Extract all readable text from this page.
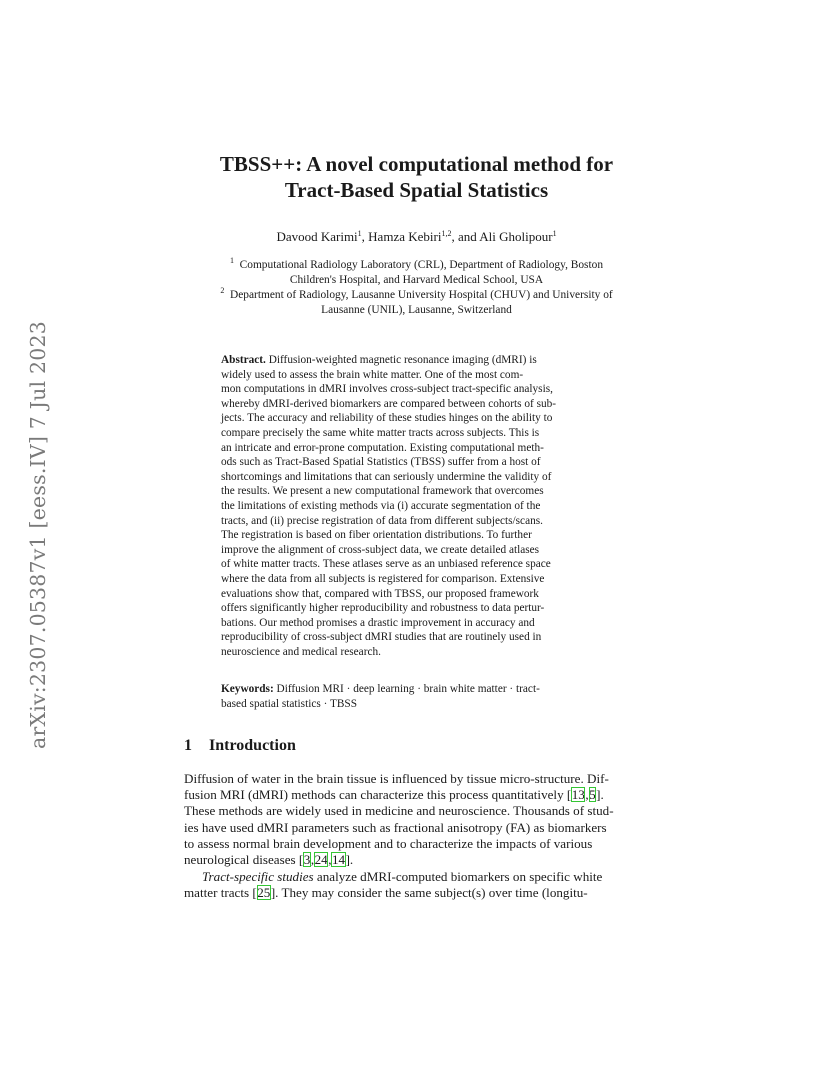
arXiv:2307.05387v1 [eess.IV] 7 Jul 2023
TBSS++: A novel computational method for
Tract-Based Spatial Statistics
Davood Karimi$^1$, Hamza Kebiri$^{1,2}$, and Ali Gholipour$^1$
$^1$ Computational Radiology Laboratory (CRL), Department of Radiology, Boston
Children's Hospital, and Harvard Medical School, USA
$^2$ Department of Radiology, Lausanne University Hospital (CHUV) and University of
Lausanne (UNIL), Lausanne, Switzerland
Abstract. Diffusion-weighted magnetic resonance imaging (dMRI) is
widely used to assess the brain white matter. One of the most com-
mon computations in dMRI involves cross-subject tract-specific analysis,
whereby dMRI-derived biomarkers are compared between cohorts of sub-
jects. The accuracy and reliability of these studies hinges on the ability to
compare precisely the same white matter tracts across subjects. This is
an intricate and error-prone computation. Existing computational meth-
ods such as Tract-Based Spatial Statistics (TBSS) suffer from a host of
shortcomings and limitations that can seriously undermine the validity of
the results. We present a new computational framework that overcomes
the limitations of existing methods via (i) accurate segmentation of the
tracts, and (ii) precise registration of data from different subjects/scans.
The registration is based on fiber orientation distributions. To further
improve the alignment of cross-subject data, we create detailed atlases
of white matter tracts. These atlases serve as an unbiased reference space
where the data from all subjects is registered for comparison. Extensive
evaluations show that, compared with TBSS, our proposed framework
offers significantly higher reproducibility and robustness to data pertur-
bations. Our method promises a drastic improvement in accuracy and
reproducibility of cross-subject dMRI studies that are routinely used in
neuroscience and medical research.
Keywords: Diffusion MRI · deep learning · brain white matter · tract-
based spatial statistics · TBSS
1 Introduction

Diffusion of water in the brain tissue is influenced by tissue micro-structure. Dif-
fusion MRI (dMRI) methods can characterize this process quantitatively [13,5].
These methods are widely used in medicine and neuroscience. Thousands of stud-
ies have used dMRI parameters such as fractional anisotropy (FA) as biomarkers
to assess normal brain development and to characterize the impacts of various
neurological diseases [3,24,14].

Tract-specific studies analyze dMRI-computed biomarkers on specific white
matter tracts [25]. They may consider the same subject(s) over time (longitu-
